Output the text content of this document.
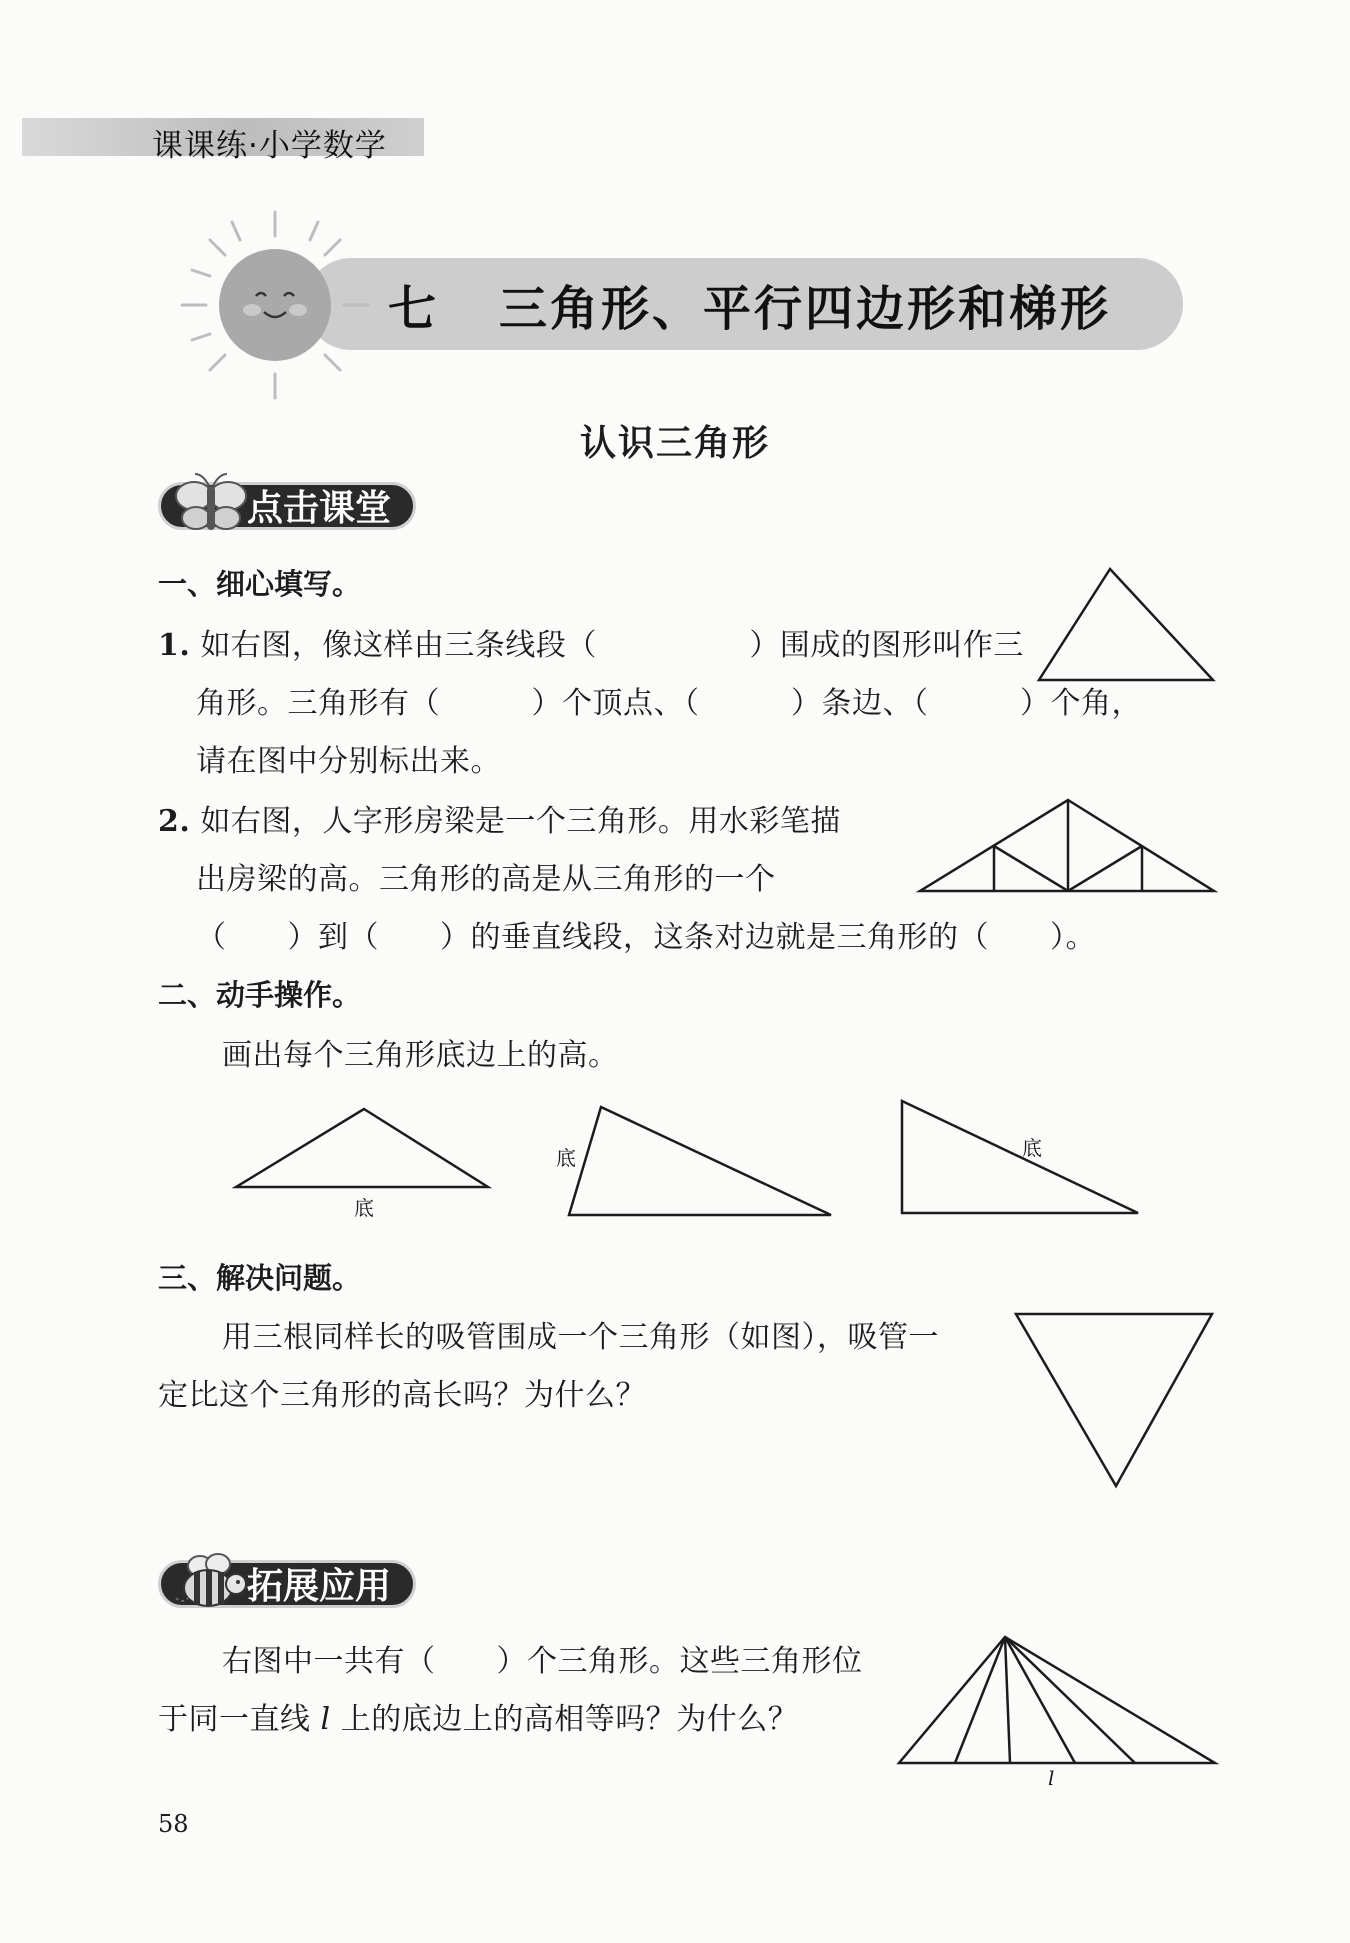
课课练·小学数学
七 三角形、平行四边形和梯形
认识三角形
点击课堂
一、细心填写。
1. 如右图，像这样由三条线段（　　　　　）围成的图形叫作三
角形。三角形有（　　　）个顶点、（　　　）条边、（　　　）个角，
请在图中分别标出来。
2. 如右图，人字形房梁是一个三角形。用水彩笔描
出房梁的高。三角形的高是从三角形的一个
（　　）到（　　）的垂直线段，这条对边就是三角形的（　　）。
二、动手操作。
画出每个三角形底边上的高。
底
底	底
三、解决问题。
用三根同样长的吸管围成一个三角形（如图），吸管一
定比这个三角形的高长吗？为什么？
拓展应用
右图中一共有（　　）个三角形。这些三角形位
于同一直线 l 上的底边上的高相等吗？为什么？
l
58
